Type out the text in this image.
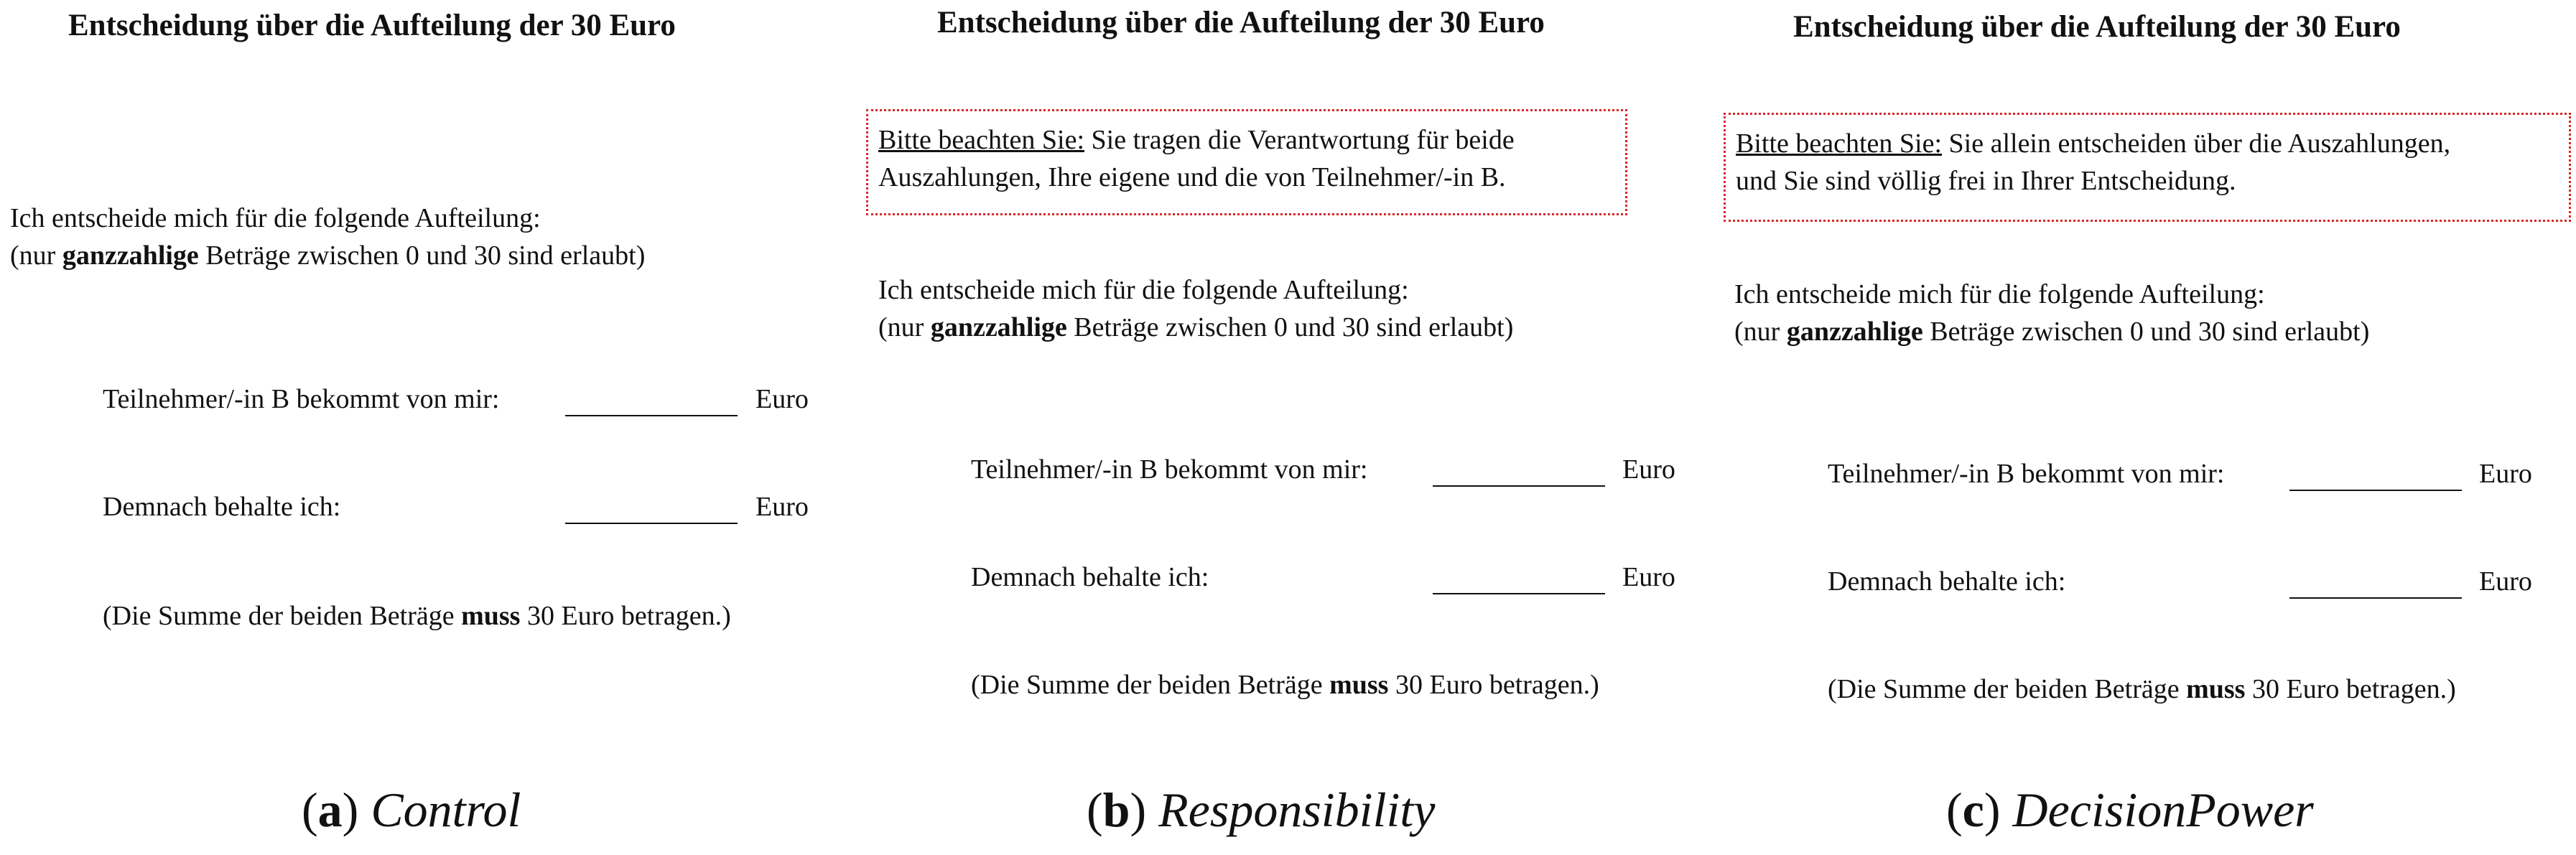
Entscheidung über die Aufteilung der 30 Euro
Ich entscheide mich für die folgende Aufteilung:
(nur ganzzahlige Beträge zwischen 0 und 30 sind erlaubt)
Teilnehmer/-in B bekommt von mir:	Euro
Demnach behalte ich:	Euro
(Die Summe der beiden Beträge muss 30 Euro betragen.)
(a) Control
Entscheidung über die Aufteilung der 30 Euro
Bitte beachten Sie: Sie tragen die Verantwortung für beide
Auszahlungen, Ihre eigene und die von Teilnehmer/-in B.
Ich entscheide mich für die folgende Aufteilung:
(nur ganzzahlige Beträge zwischen 0 und 30 sind erlaubt)
Teilnehmer/-in B bekommt von mir:	Euro
Demnach behalte ich:	Euro
(Die Summe der beiden Beträge muss 30 Euro betragen.)
(b) Responsibility
Entscheidung über die Aufteilung der 30 Euro
Bitte beachten Sie: Sie allein entscheiden über die Auszahlungen,
und Sie sind völlig frei in Ihrer Entscheidung.
Ich entscheide mich für die folgende Aufteilung:
(nur ganzzahlige Beträge zwischen 0 und 30 sind erlaubt)
Teilnehmer/-in B bekommt von mir:	Euro
Demnach behalte ich:	Euro
(Die Summe der beiden Beträge muss 30 Euro betragen.)
(c) DecisionPower
